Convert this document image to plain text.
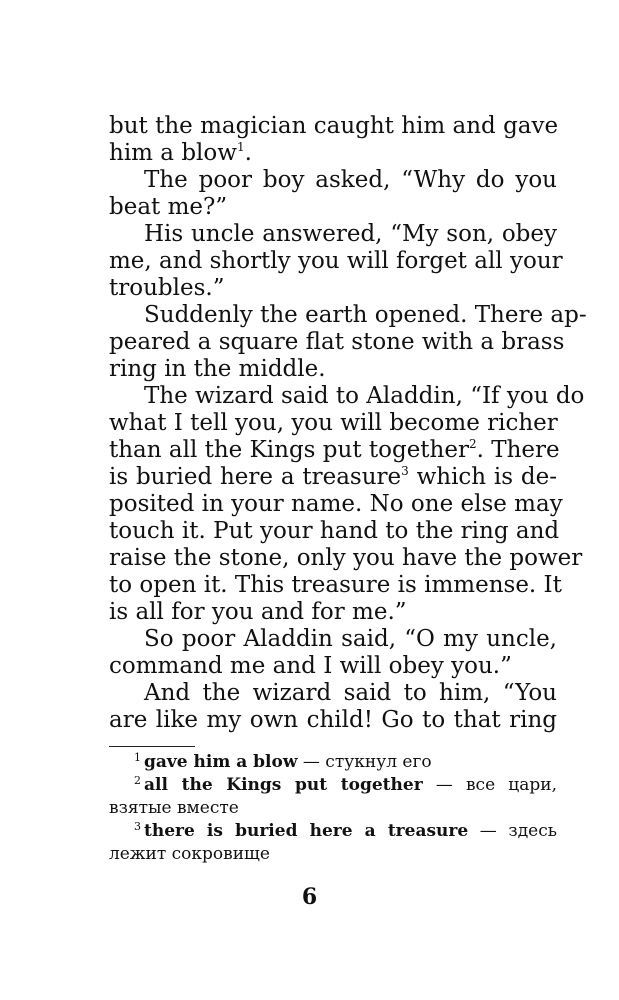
but the magician caught him and gave
him a blow$^1$.
The poor boy asked, “Why do you
beat me?”
His uncle answered, “My son, obey
me, and shortly you will forget all your
troubles.”
Suddenly the earth opened. There ap-
peared a square flat stone with a brass
ring in the middle.
The wizard said to Aladdin, “If you do
what I tell you, you will become richer
than all the Kings put together$^2$. There
is buried here a treasure$^3$ which is de-
posited in your name. No one else may
touch it. Put your hand to the ring and
raise the stone, only you have the power
to open it. This treasure is immense. It
is all for you and for me.”
So poor Aladdin said, “O my uncle,
command me and I will obey you.”
And the wizard said to him, “You
are like my own child! Go to that ring
$^1$ gave him a blow — стукнул его
$^2$ all the Kings put together — все цари,
взятые вместе
$^3$ there is buried here a treasure — здесь
лежит сокровище
6
